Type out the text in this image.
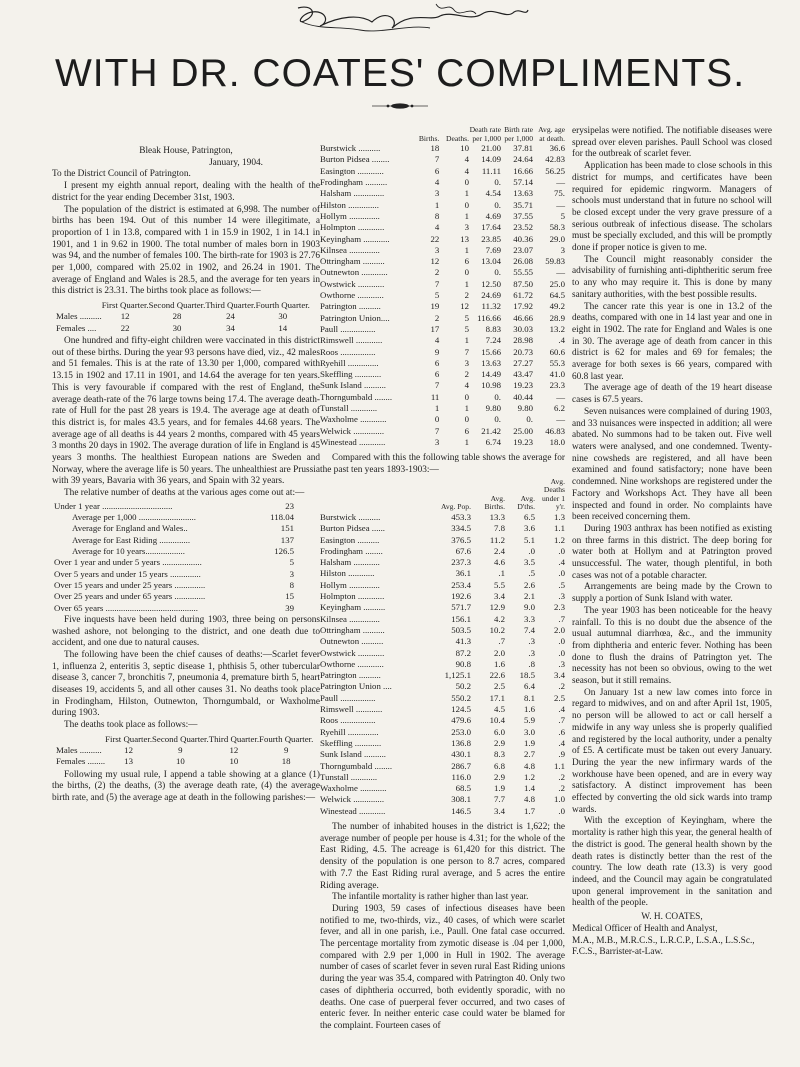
WITH DR. COATES' COMPLIMENTS.

Bleak House, Patrington,

January, 1904.

To the District Council of Patrington.

I present my eighth annual report, dealing with the health of the district for the year ending December 31st, 1903.

The population of the district is estimated at 6,998. The number of births has been 194. Out of this number 14 were illegitimate, a proportion of 1 in 13.8, compared with 1 in 15.9 in 1902, 1 in 14.1 in 1901, and 1 in 9.62 in 1900. The total number of males born in 1903 was 94, and the number of females 100. The birth-rate for 1903 is 27.76 per 1,000, compared with 25.02 in 1902, and 26.24 in 1901. The average of England and Wales is 28.5, and the average for ten years in this district is 23.31. The births took place as follows:—

	First Quarter.	Second Quarter.	Third Quarter.	Fourth Quarter.
Males ..........	12	28	24	30
Females ....	22	30	34	14

One hundred and fifty-eight children were vaccinated in this district out of these births. During the year 93 persons have died, viz., 42 males and 51 females. This is at the rate of 13.30 per 1,000, compared with 13.15 in 1902 and 17.11 in 1901, and 14.64 the average for ten years. This is very favourable if compared with the rest of England, the average death-rate of the 76 large towns being 17.4. The average death-rate of Hull for the past 28 years is 19.4. The average age at death of this district is, for males 43.5 years, and for females 44.68 years. The average age of all deaths is 44 years 2 months, compared with 45 years 3 months 20 days in 1902. The average duration of life in England is 45 years 3 months. The healthiest European nations are Sweden and Norway, where the average life is 50 years. The unhealthiest are Prussia with 39 years, Bavaria with 36 years, and Spain with 32 years.

The relative number of deaths at the various ages come out at:—

Under 1 year ................................	23
Average per 1,000 ..........................	118.04
Average for England and Wales..	151
Average for East Riding ..............	137
Average for 10 years..................	126.5
Over 1 year and under 5 years ..................	5
Over 5 years and under 15 years ..............	3
Over 15 years and under 25 years ..............	8
Over 25 years and under 65 years ..............	15
Over 65 years ..........................................	39

Five inquests have been held during 1903, three being on persons washed ashore, not belonging to the district, and one death due to accident, and one due to natural causes.

The following have been the chief causes of deaths:—Scarlet fever 1, influenza 2, enteritis 3, septic disease 1, phthisis 5, other tubercular disease 3, cancer 7, bronchitis 7, pneumonia 4, premature birth 5, heart diseases 19, accidents 5, and all other causes 31. No deaths took place in Frodingham, Hilston, Outnewton, Thorngumbald, or Waxholme during 1903.

The deaths took place as follows:—

	First Quarter.	Second Quarter.	Third Quarter.	Fourth Quarter.
Males ..........	12	9	12	9
Females ........	13	10	10	18

Following my usual rule, I append a table showing at a glance (1) the births, (2) the deaths, (3) the average death rate, (4) the average birth rate, and (5) the average age at death in the following parishes:—

	Births.	Deaths.	Death rate per 1,000	Birth rate per 1,000	Avg. age at death.
Burstwick ..........	18	10	21.00	37.81	36.6
Burton Pidsea ........	7	4	14.09	24.64	42.83
Easington ............	6	4	11.11	16.66	56.25
Frodingham ..........	4	0	0.	57.14	—
Halsham ..............	3	1	4.54	13.63	75.
Hilston ..............	1	0	0.	35.71	—
Hollym ..............	8	1	4.69	37.55	5
Holmpton ............	4	3	17.64	23.52	58.3
Keyingham ............	22	13	23.85	40.36	29.0
Kilnsea ..............	3	1	7.69	23.07	3
Ottringham ..........	12	6	13.04	26.08	59.83
Outnewton ............	2	0	0.	55.55	—
Owstwick ............	7	1	12.50	87.50	25.0
Owthorne ............	5	2	24.69	61.72	64.5
Patrington ..........	19	12	11.32	17.92	49.2
Patrington Union....	2	5	116.66	46.66	28.9
Paull ................	17	5	8.83	30.03	13.2
Rimswell ............	4	1	7.24	28.98	.4
Roos ................	9	7	15.66	20.73	60.6
Ryehill ..............	6	3	13.63	27.27	55.3
Skeffling ............	6	2	14.49	43.47	41.0
Sunk Island ..........	7	4	10.98	19.23	23.3
Thorngumbald ........	11	0	0.	40.44	—
Tunstall ............	1	1	9.80	9.80	6.2
Waxholme ............	0	0	0.	0.	—
Welwick ..............	7	6	21.42	25.00	46.83
Winestead ............	3	1	6.74	19.23	18.0

Compared with this the following table shows the average for the past ten years 1893-1903:—

	Avg. Pop.	Avg. Births.	Avg. D'ths.	Avg. Deaths under 1 y'r.
Burstwick ..........	453.3	13.3	6.5	1.3
Burton Pidsea ......	334.5	7.8	3.6	1.1
Easington ..........	376.5	11.2	5.1	1.2
Frodingham ........	67.6	2.4	.0	.0
Halsham ............	237.3	4.6	3.5	.4
Hilston ............	36.1	.1	.5	.0
Hollym ..............	253.4	5.5	2.6	.5
Holmpton ............	192.6	3.4	2.1	.3
Keyingham ..........	571.7	12.9	9.0	2.3
Kilnsea ..............	156.1	4.2	3.3	.7
Ottringham ..........	503.5	10.2	7.4	2.0
Outnewton ..........	41.3	.7	.3	.0
Owstwick ............	87.2	2.0	.3	.0
Owthorne ............	90.8	1.6	.8	.3
Patrington ..........	1,125.1	22.6	18.5	3.4
Patrington Union ....	50.2	2.5	6.4	.2
Paull ................	550.2	17.1	8.1	2.5
Rimswell ............	124.5	4.5	1.6	.4
Roos ................	479.6	10.4	5.9	.7
Ryehill ..............	253.0	6.0	3.0	.6
Skeffling ............	136.8	2.9	1.9	.4
Sunk Island ..........	430.1	8.3	2.7	.9
Thorngumbald ........	286.7	6.8	4.8	1.1
Tunstall ............	116.0	2.9	1.2	.2
Waxholme ............	68.5	1.9	1.4	.2
Welwick ..............	308.1	7.7	4.8	1.0
Winestead ............	146.5	3.4	1.7	.0

The number of inhabited houses in the district is 1,622; the average number of people per house is 4.31; for the whole of the East Riding, 4.5. The acreage is 61,420 for this district. The density of the population is one person to 8.7 acres, compared with 7.7 the East Riding rural average, and 5 acres the entire Riding average.

The infantile mortality is rather higher than last year.

During 1903, 59 cases of infectious diseases have been notified to me, two-thirds, viz., 40 cases, of which were scarlet fever, and all in one parish, i.e., Paull. One fatal case occurred. The percentage mortality from zymotic disease is .04 per 1,000, compared with 2.9 per 1,000 in Hull in 1902. The average number of cases of scarlet fever in seven rural East Riding unions during the year was 35.4, compared with Patrington 40. Only two cases of diphtheria occurred, both evidently sporadic, with no deaths. One case of puerperal fever occurred, and two cases of enteric fever. In neither enteric case could water be blamed for the complaint. Fourteen cases of

erysipelas were notified. The notifiable diseases were spread over eleven parishes. Paull School was closed for the outbreak of scarlet fever.

Application has been made to close schools in this district for mumps, and certificates have been required for epidemic ringworm. Managers of schools must understand that in future no school will be closed except under the very grave pressure of a serious outbreak of infectious disease. The scholars must be specially excluded, and this will be promptly done if proper notice is given to me.

The Council might reasonably consider the advisability of furnishing anti-diphtheritic serum free to any who may require it. This is done by many sanitary authorities, with the best possible results.

The cancer rate this year is one in 13.2 of the deaths, compared with one in 14 last year and one in eight in 1902. The rate for England and Wales is one in 30. The average age of death from cancer in this district is 62 for males and 69 for females; the average for both sexes is 66 years, compared with 60.8 last year.

The average age of death of the 19 heart disease cases is 67.5 years.

Seven nuisances were complained of during 1903, and 33 nuisances were inspected in addition; all were abated. No summons had to be taken out. Five well waters were analysed, and one condemned. Twenty-nine cowsheds are registered, and all have been examined and found satisfactory; none have been condemned. Nine workshops are registered under the Factory and Workshops Act. They have all been inspected and found in order. No complaints have been received concerning them.

During 1903 anthrax has been notified as existing on three farms in this district. The deep boring for water both at Hollym and at Patrington proved unsuccessful. The water, though plentiful, in both cases was not of a potable character.

Arrangements are being made by the Crown to supply a portion of Sunk Island with water.

The year 1903 has been noticeable for the heavy rainfall. To this is no doubt due the absence of the usual autumnal diarrhœa, &c., and the immunity from diphtheria and enteric fever. Nothing has been done to flush the drains of Patrington yet. The necessity has not been so obvious, owing to the wet season, but it still remains.

On January 1st a new law comes into force in regard to midwives, and on and after April 1st, 1905, no person will be allowed to act or call herself a midwife in any way unless she is properly qualified and registered by the local authority, under a penalty of £5. A certificate must be taken out every January. During the year the new infirmary wards of the workhouse have been opened, and are in every way satisfactory. A distinct improvement has been effected by converting the old sick wards into tramp wards.

With the exception of Keyingham, where the mortality is rather high this year, the general health of the district is good. The general health shown by the death rates is distinctly better than the rest of the country. The low death rate (13.3) is very good indeed, and the Council may again be congratulated upon general improvement in the sanitation and health of the people.

W. H. COATES,

Medical Officer of Health and Analyst,

M.A., M.B., M.R.C.S., L.R.C.P., L.S.A., L.S.Sc., F.C.S., Barrister-at-Law.
